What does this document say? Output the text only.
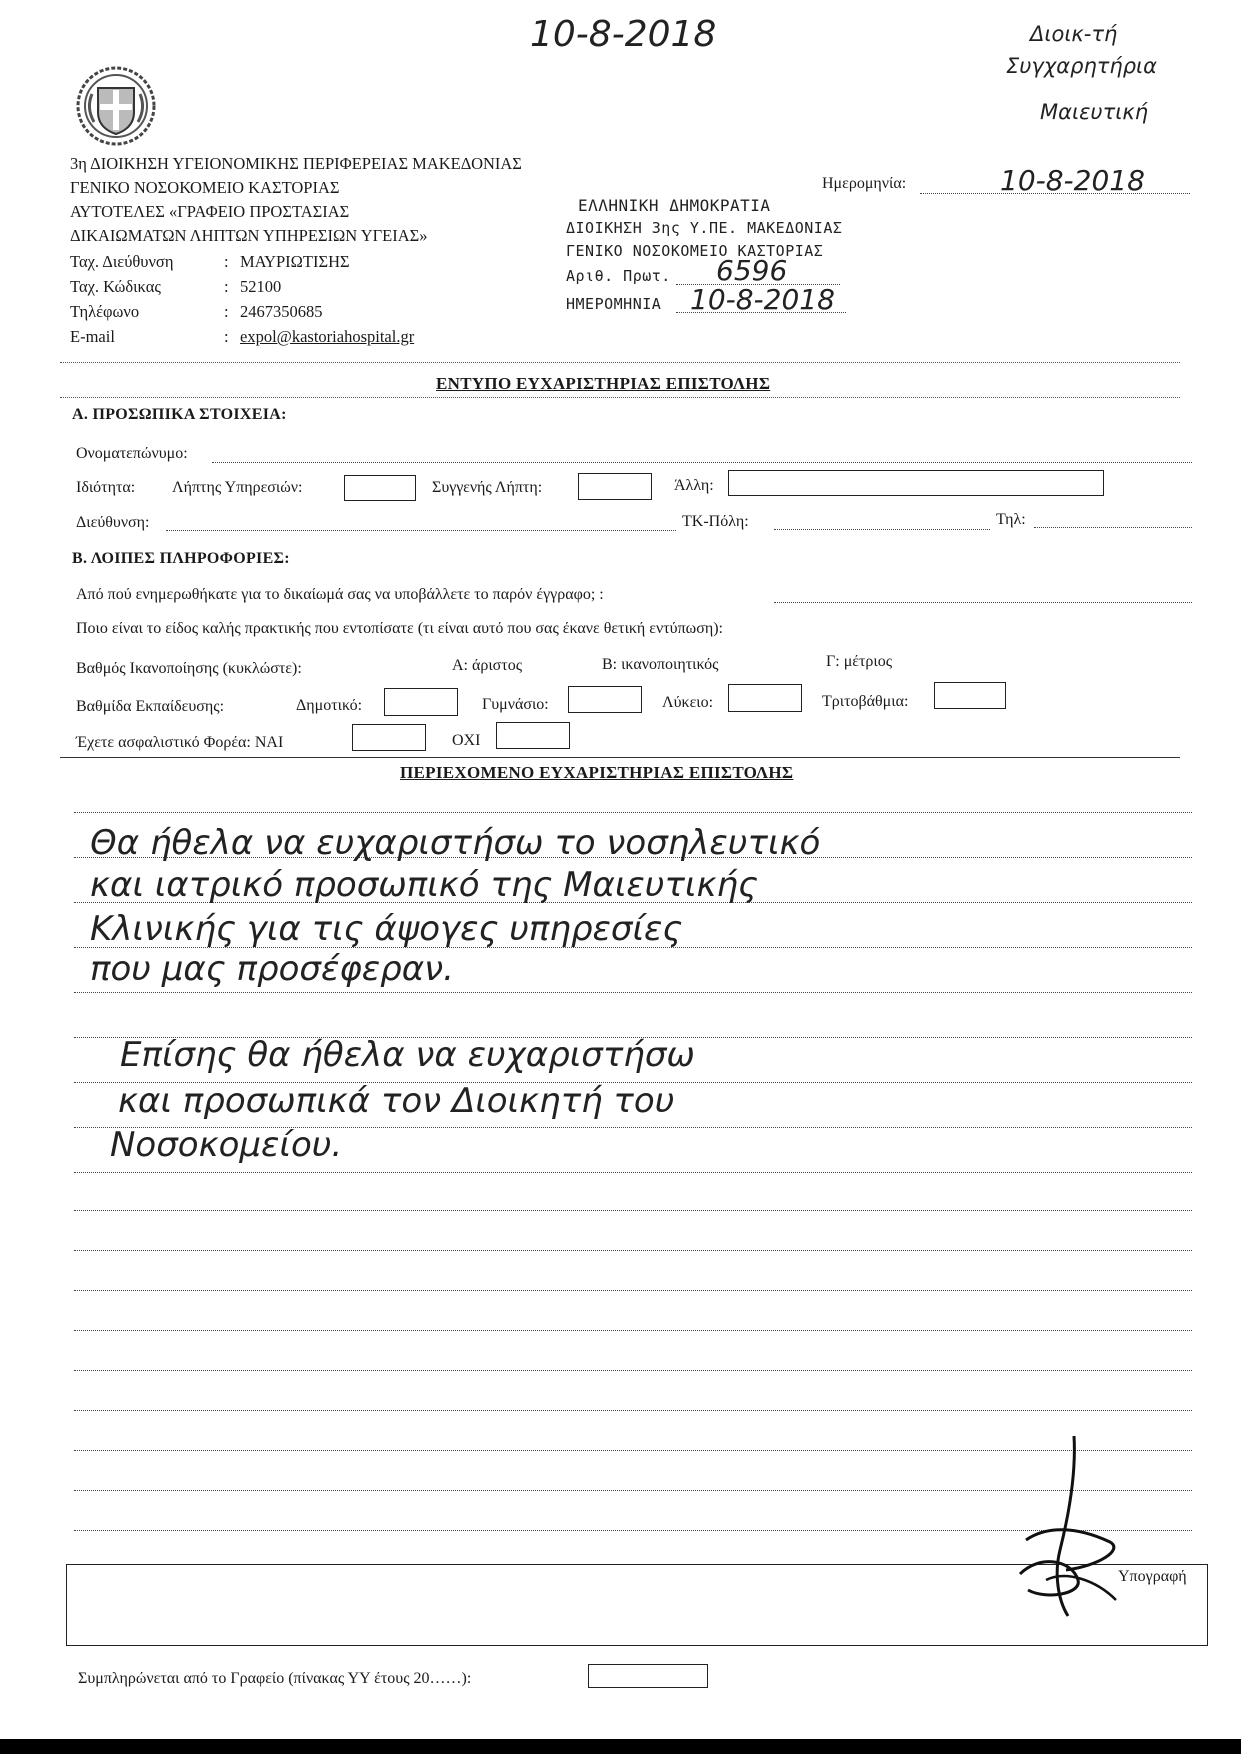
10-8-2018	Διοικ-τή
Συγχαρητήρια
Μαιευτική
3η ΔΙΟΙΚΗΣΗ ΥΓΕΙΟΝΟΜΙΚΗΣ ΠΕΡΙΦΕΡΕΙΑΣ ΜΑΚΕΔΟΝΙΑΣ
ΓΕΝΙΚΟ ΝΟΣΟΚΟΜΕΙΟ ΚΑΣΤΟΡΙΑΣ
ΑΥΤΟΤΕΛΕΣ «ΓΡΑΦΕΙΟ ΠΡΟΣΤΑΣΙΑΣ
ΔΙΚΑΙΩΜΑΤΩΝ ΛΗΠΤΩΝ ΥΠΗΡΕΣΙΩΝ ΥΓΕΙΑΣ»
Ταχ. Διεύθυνση	: ΜΑΥΡΙΩΤΙΣΗΣ
Ταχ. Κώδικας	: 52100
Τηλέφωνο	: 2467350685
E-mail	: expol@kastoriahospital.gr
Ημερομηνία:	10-8-2018
ΕΛΛΗΝΙΚΗ ΔΗΜΟΚΡΑΤΙΑ
ΔΙΟΙΚΗΣΗ 3ης Υ.ΠΕ. ΜΑΚΕΔΟΝΙΑΣ
ΓΕΝΙΚΟ ΝΟΣΟΚΟΜΕΙΟ ΚΑΣΤΟΡΙΑΣ
Αριθ. Πρωτ. 6596
ΗΜΕΡΟΜΗΝΙΑ 10-8-2018
ΕΝΤΥΠΟ ΕΥΧΑΡΙΣΤΗΡΙΑΣ ΕΠΙΣΤΟΛΗΣ
Α. ΠΡΟΣΩΠΙΚΑ ΣΤΟΙΧΕΙΑ:
Ονοματεπώνυμο:
Ιδιότητα: Λήπτης Υπηρεσιών:	Συγγενής Λήπτη:	Άλλη:
Διεύθυνση:	ΤΚ-Πόλη:	Τηλ:
Β. ΛΟΙΠΕΣ ΠΛΗΡΟΦΟΡΙΕΣ:
Από πού ενημερωθήκατε για το δικαίωμά σας να υποβάλλετε το παρόν έγγραφο; :
Ποιο είναι το είδος καλής πρακτικής που εντοπίσατε (τι είναι αυτό που σας έκανε θετική εντύπωση):
Βαθμός Ικανοποίησης (κυκλώστε):	Α: άριστος	Β: ικανοποιητικός	Γ: μέτριος
Βαθμίδα Εκπαίδευσης:	Δημοτικό:	Γυμνάσιο:	Λύκειο:	Τριτοβάθμια:
Έχετε ασφαλιστικό Φορέα: ΝΑΙ	ΟΧΙ
ΠΕΡΙΕΧΟΜΕΝΟ ΕΥΧΑΡΙΣΤΗΡΙΑΣ ΕΠΙΣΤΟΛΗΣ
Θα ήθελα να ευχαριστήσω το νοσηλευτικό
και ιατρικό προσωπικό της Μαιευτικής
Κλινικής για τις άψογες υπηρεσίες
που μας προσέφεραν.
Επίσης θα ήθελα να ευχαριστήσω
και προσωπικά τον Διοικητή του
Νοσοκομείου.
Υπογραφή
Συμπληρώνεται από το Γραφείο (πίνακας ΥΥ έτους 20……):
